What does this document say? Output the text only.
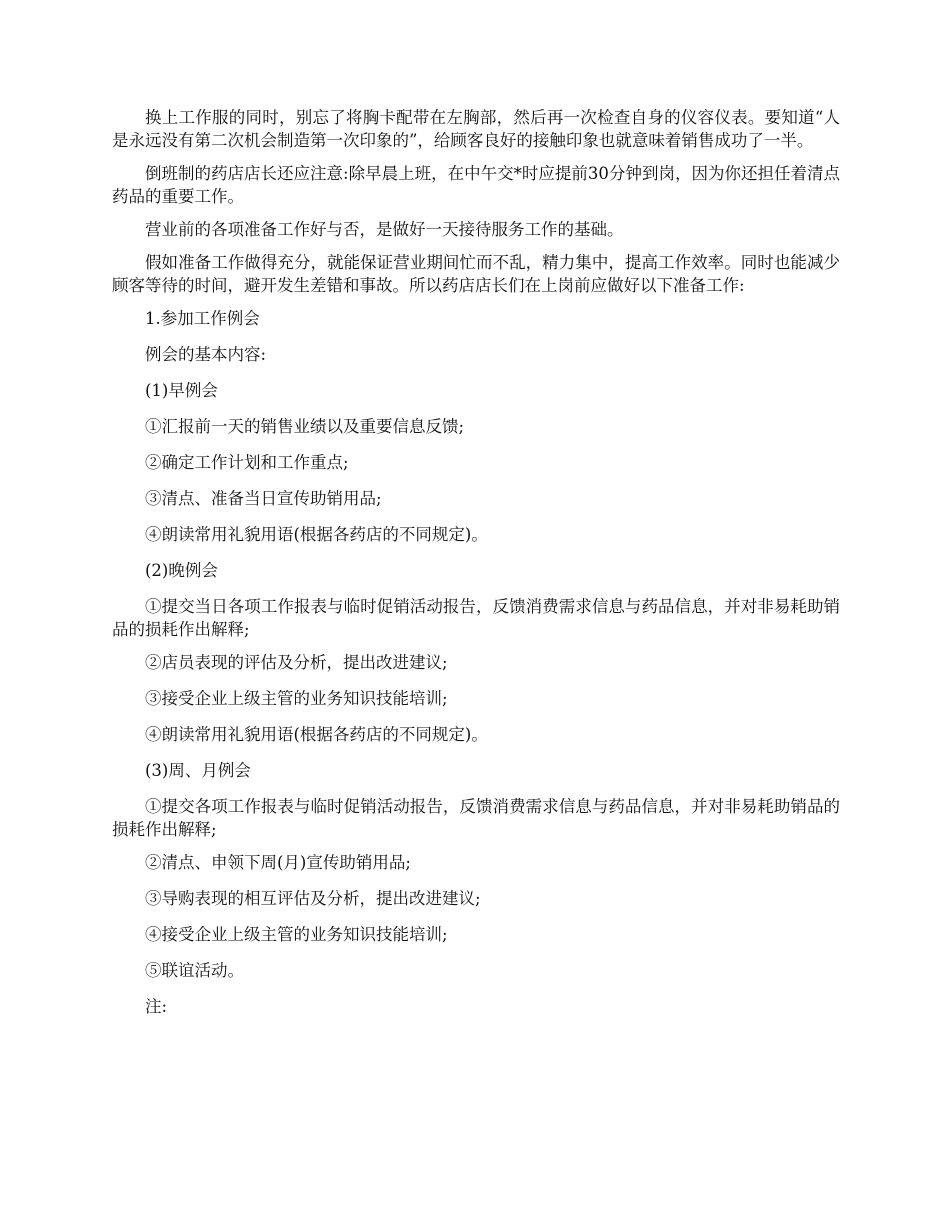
换上工作服的同时，别忘了将胸卡配带在左胸部，然后再一次检查自身的仪容仪表。要知道“人是永远没有第二次机会制造第一次印象的”，给顾客良好的接触印象也就意味着销售成功了一半。

倒班制的药店店长还应注意:除早晨上班，在中午交*时应提前30分钟到岗，因为你还担任着清点药品的重要工作。

营业前的各项准备工作好与否，是做好一天接待服务工作的基础。

假如准备工作做得充分，就能保证营业期间忙而不乱，精力集中，提高工作效率。同时也能减少顾客等待的时间，避开发生差错和事故。所以药店店长们在上岗前应做好以下准备工作:

1.参加工作例会

例会的基本内容:

(1)早例会

①汇报前一天的销售业绩以及重要信息反馈;

②确定工作计划和工作重点;

③清点、准备当日宣传助销用品;

④朗读常用礼貌用语(根据各药店的不同规定)。

(2)晚例会

①提交当日各项工作报表与临时促销活动报告，反馈消费需求信息与药品信息，并对非易耗助销品的损耗作出解释;

②店员表现的评估及分析，提出改进建议;

③接受企业上级主管的业务知识技能培训;

④朗读常用礼貌用语(根据各药店的不同规定)。

(3)周、月例会

①提交各项工作报表与临时促销活动报告，反馈消费需求信息与药品信息，并对非易耗助销品的损耗作出解释;

②清点、申领下周(月)宣传助销用品;

③导购表现的相互评估及分析，提出改进建议;

④接受企业上级主管的业务知识技能培训;

⑤联谊活动。

注:
